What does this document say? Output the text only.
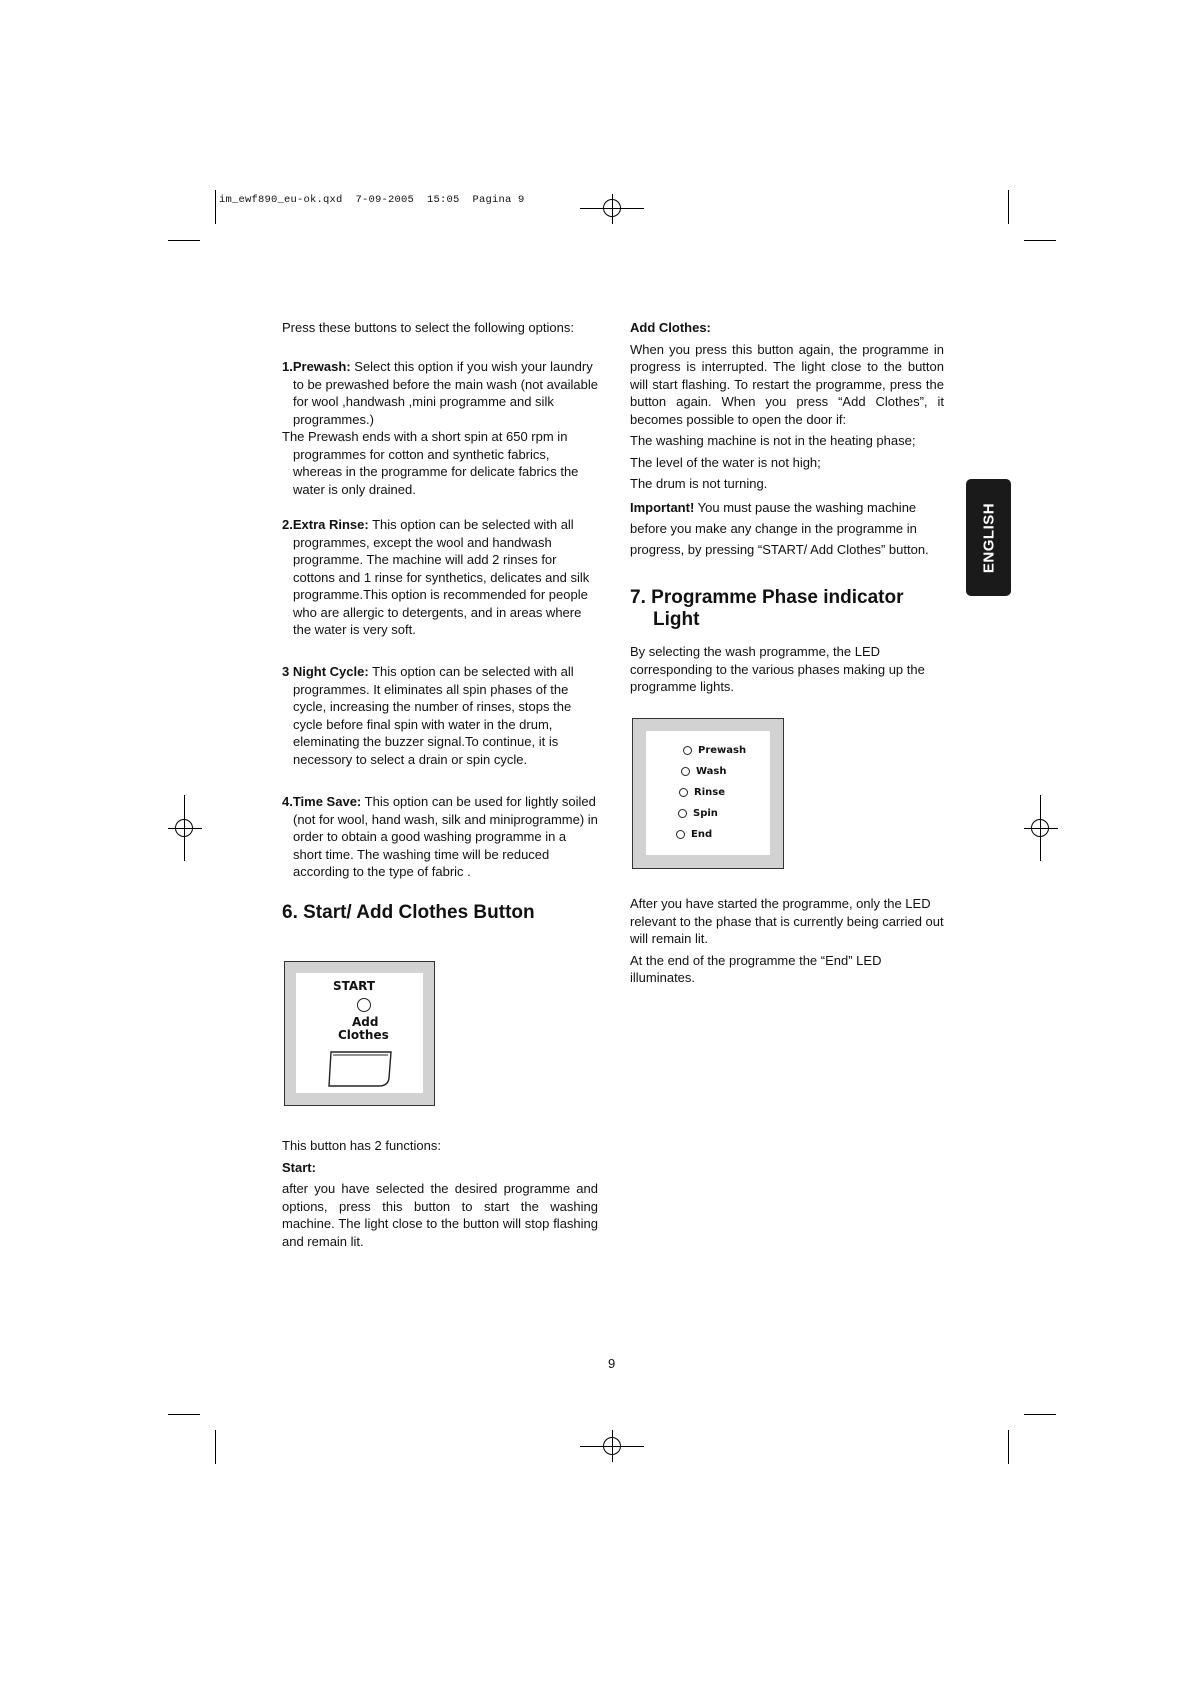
im_ewf890_eu-ok.qxd  7-09-2005  15:05  Pagina 9
ENGLISH

Press these buttons to select the following options:

1.Prewash: Select this option if you wish your laundry to be prewashed before the main wash (not available for wool ,handwash ,mini programme and silk programmes.)

The Prewash ends with a short spin at 650 rpm in programmes for cotton and synthetic fabrics, whereas in the programme for delicate fabrics the water is only drained.

2.Extra Rinse: This option can be selected with all programmes, except the wool and handwash programme. The machine will add 2 rinses for cottons and 1 rinse for synthetics, delicates and silk programme.This option is recommended for people who are allergic to detergents, and in areas where the water is very soft.

3 Night Cycle: This option can be selected with all programmes. It eliminates all spin phases of the cycle, increasing the number of rinses, stops the cycle before final spin with water in the drum, eleminating the buzzer signal.To continue, it is necessory to select a drain or spin cycle.

4.Time Save: This option can be used for lightly soiled (not for wool, hand wash, silk and miniprogramme) in order to obtain a good washing programme in a short time. The washing time will be reduced according to the type of fabric .

6. Start/ Add Clothes Button
START
Add
Clothes

This button has 2 functions:

Start:

after you have selected the desired programme and options, press this button to start the washing machine. The light close to the button will stop flashing and remain lit.

Add Clothes:

When you press this button again, the programme in progress is interrupted. The light close to the button will start flashing. To restart the programme, press the button again. When you press “Add Clothes”, it becomes possible to open the door if:

The washing machine is not in the heating phase;

The level of the water is not high;

The drum is not turning.

Important! You must pause the washing machine
before you make any change in the programme in
progress, by pressing “START/ Add Clothes” button.

7. Programme Phase indicator
Light

By selecting the wash programme, the LED corresponding to the various phases making up the programme lights.

Prewash
Wash
Rinse
Spin
End

After you have started the programme, only the LED relevant to the phase that is currently being carried out will remain lit.

At the end of the programme the “End” LED illuminates.

9
